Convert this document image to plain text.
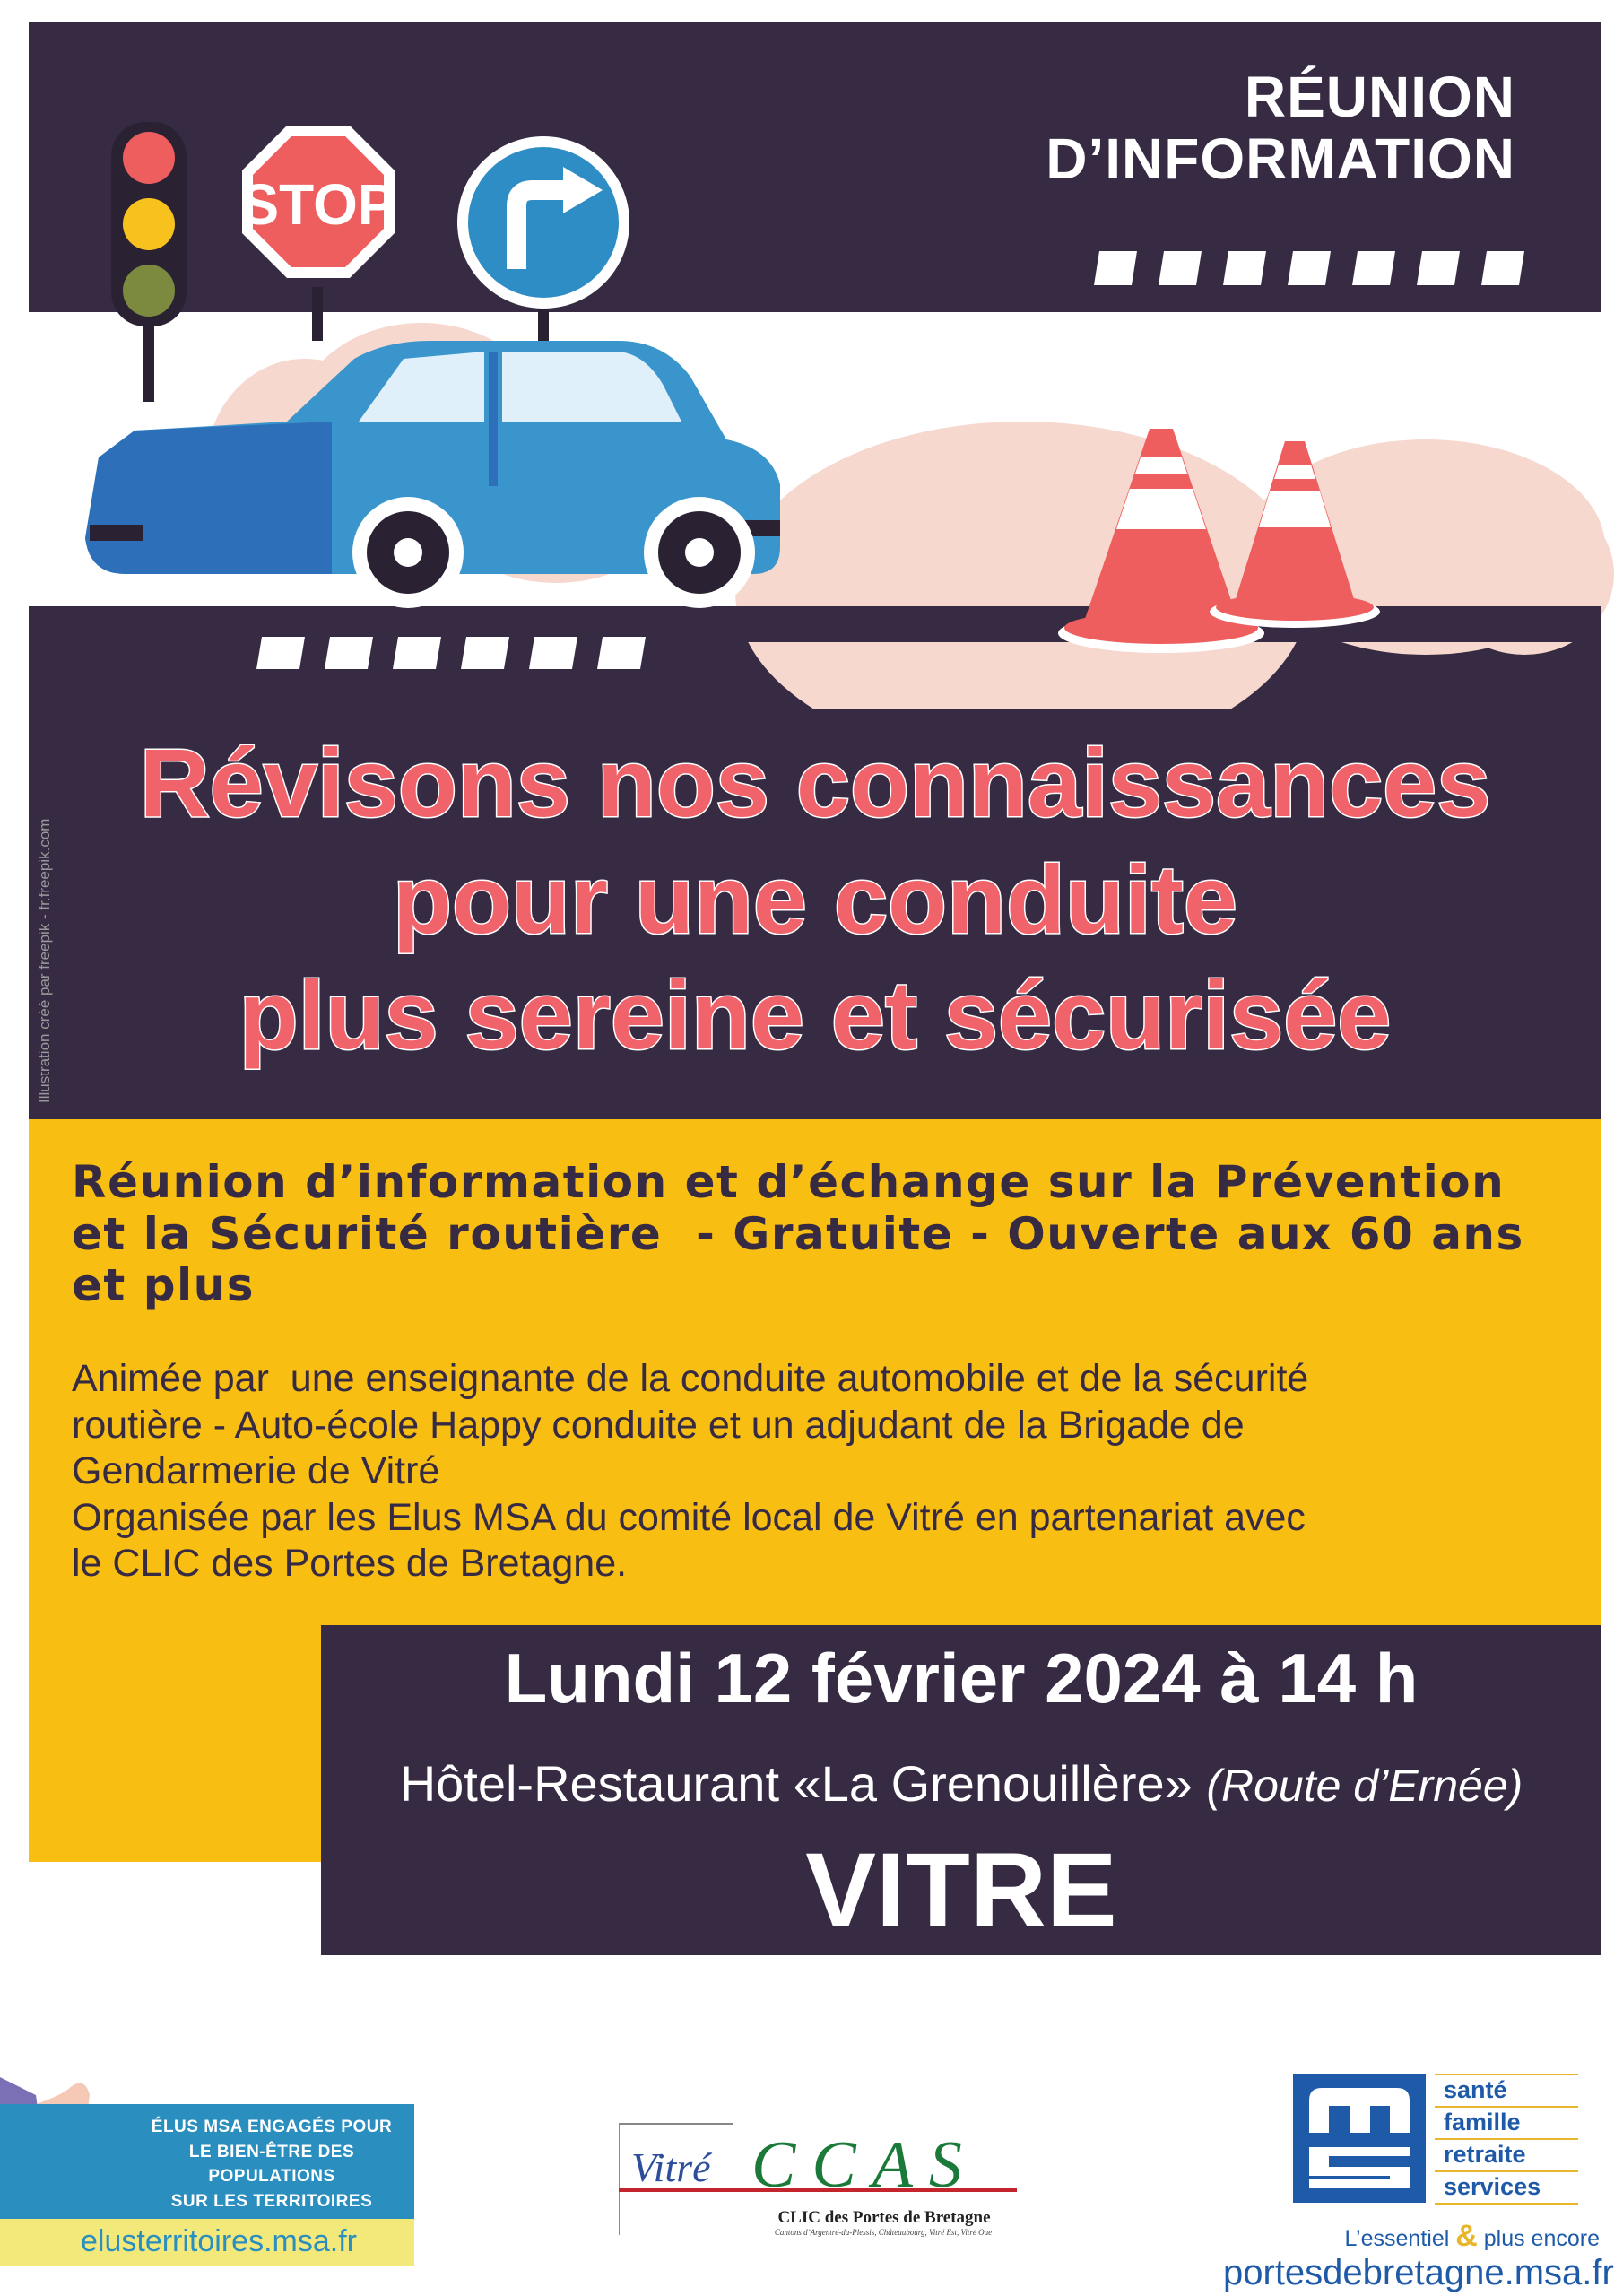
STOP
RÉUNION
D’INFORMATION
Illustration créé par freepik - fr.freepik.com
Révisons nos connaissances
pour une conduite
plus sereine et sécurisée
Réunion d’information et d’échange sur la Prévention
et la Sécurité routière  - Gratuite - Ouverte aux 60 ans
et plus
Animée par  une enseignante de la conduite automobile et de la sécurité
routière - Auto-école Happy conduite et un adjudant de la Brigade de
Gendarmerie de Vitré
Organisée par les Elus MSA du comité local de Vitré en partenariat avec
le CLIC des Portes de Bretagne.
Lundi 12 février 2024 à 14 h
Hôtel-Restaurant «La Grenouillère» (Route d’Ernée)
VITRE
ÉLUS MSA ENGAGÉS POUR
LE BIEN-ÊTRE DES POPULATIONS
SUR LES TERRITOIRES
elusterritoires.msa.fr
Vitré CCAS
CLIC des Portes de Bretagne
Cantons d’Argentré-du-Plessis, Châteaubourg, Vitré Est, Vitré Oue
santé
famille
retraite
services
L’essentiel & plus encore
portesdebretagne.msa.fr
